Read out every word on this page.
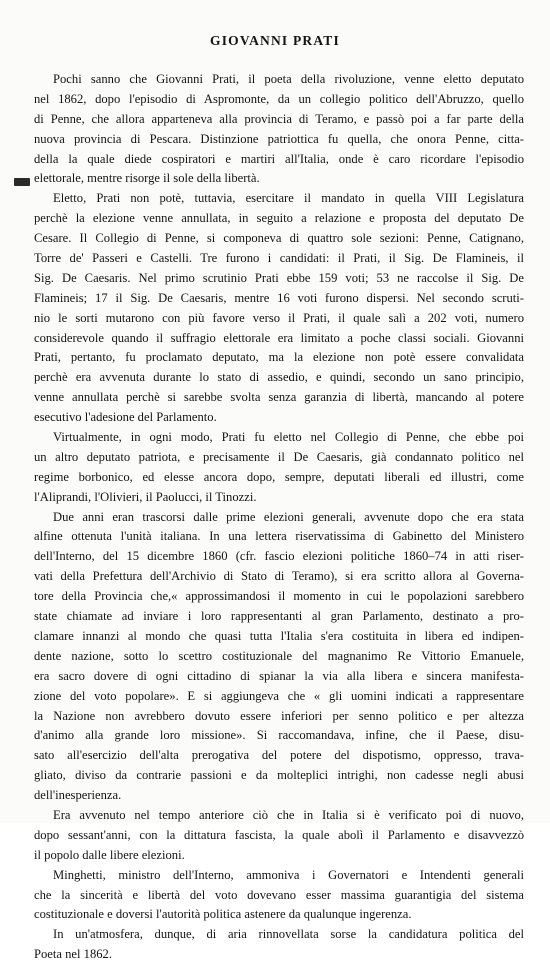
GIOVANNI PRATI
Pochi sanno che Giovanni Prati, il poeta della rivoluzione, venne eletto deputato
nel 1862, dopo l'episodio di Aspromonte, da un collegio politico dell'Abruzzo, quello
di Penne, che allora apparteneva alla provincia di Teramo, e passò poi a far parte della
nuova provincia di Pescara. Distinzione patriottica fu quella, che onora Penne, citta-
della la quale diede cospiratori e martiri all'Italia, onde è caro ricordare l'episodio
elettorale, mentre risorge il sole della libertà.
Eletto, Prati non potè, tuttavia, esercitare il mandato in quella VIII Legislatura
perchè la elezione venne annullata, in seguito a relazione e proposta del deputato De
Cesare. Il Collegio di Penne, si componeva di quattro sole sezioni: Penne, Catignano,
Torre de' Passeri e Castelli. Tre furono i candidati: il Prati, il Sig. De Flamineis, il
Sig. De Caesaris. Nel primo scrutinio Prati ebbe 159 voti; 53 ne raccolse il Sig. De
Flamineis; 17 il Sig. De Caesaris, mentre 16 voti furono dispersi. Nel secondo scruti-
nio le sorti mutarono con più favore verso il Prati, il quale salì a 202 voti, numero
considerevole quando il suffragio elettorale era limitato a poche classi sociali. Giovanni
Prati, pertanto, fu proclamato deputato, ma la elezione non potè essere convalidata
perchè era avvenuta durante lo stato di assedio, e quindi, secondo un sano principio,
venne annullata perchè si sarebbe svolta senza garanzia di libertà, mancando al potere
esecutivo l'adesione del Parlamento.
Virtualmente, in ogni modo, Prati fu eletto nel Collegio di Penne, che ebbe poi
un altro deputato patriota, e precisamente il De Caesaris, già condannato politico nel
regime borbonico, ed elesse ancora dopo, sempre, deputati liberali ed illustri, come
l'Aliprandi, l'Olivieri, il Paolucci, il Tinozzi.
Due anni eran trascorsi dalle prime elezioni generali, avvenute dopo che era stata
alfine ottenuta l'unità italiana. In una lettera riservatissima di Gabinetto del Ministero
dell'Interno, del 15 dicembre 1860 (cfr. fascio elezioni politiche 1860–74 in atti riser-
vati della Prefettura dell'Archivio di Stato di Teramo), si era scritto allora al Governa-
tore della Provincia che,« approssimandosi il momento in cui le popolazioni sarebbero
state chiamate ad inviare i loro rappresentanti al gran Parlamento, destinato a pro-
clamare innanzi al mondo che quasi tutta l'Italia s'era costituita in libera ed indipen-
dente nazione, sotto lo scettro costituzionale del magnanimo Re Vittorio Emanuele,
era sacro dovere di ogni cittadino di spianar la via alla libera e sincera manifesta-
zione del voto popolare». E si aggiungeva che « gli uomini indicati a rappresentare
la Nazione non avrebbero dovuto essere inferiori per senno politico e per altezza
d'animo alla grande loro missione». Si raccomandava, infine, che il Paese, disu-
sato all'esercizio dell'alta prerogativa del potere del dispotismo, oppresso, trava-
gliato, diviso da contrarie passioni e da molteplici intrighi, non cadesse negli abusi
dell'inesperienza.
Era avvenuto nel tempo anteriore ciò che in Italia si è verificato poi di nuovo,
dopo sessant'anni, con la dittatura fascista, la quale abolì il Parlamento e disavvezzò
il popolo dalle libere elezioni.
Minghetti, ministro dell'Interno, ammoniva i Governatori e Intendenti generali
che la sincerità e libertà del voto dovevano esser massima guarantigia del sistema
costituzionale e doversi l'autorità politica astenere da qualunque ingerenza.
In un'atmosfera, dunque, di aria rinnovellata sorse la candidatura politica del
Poeta nel 1862.
